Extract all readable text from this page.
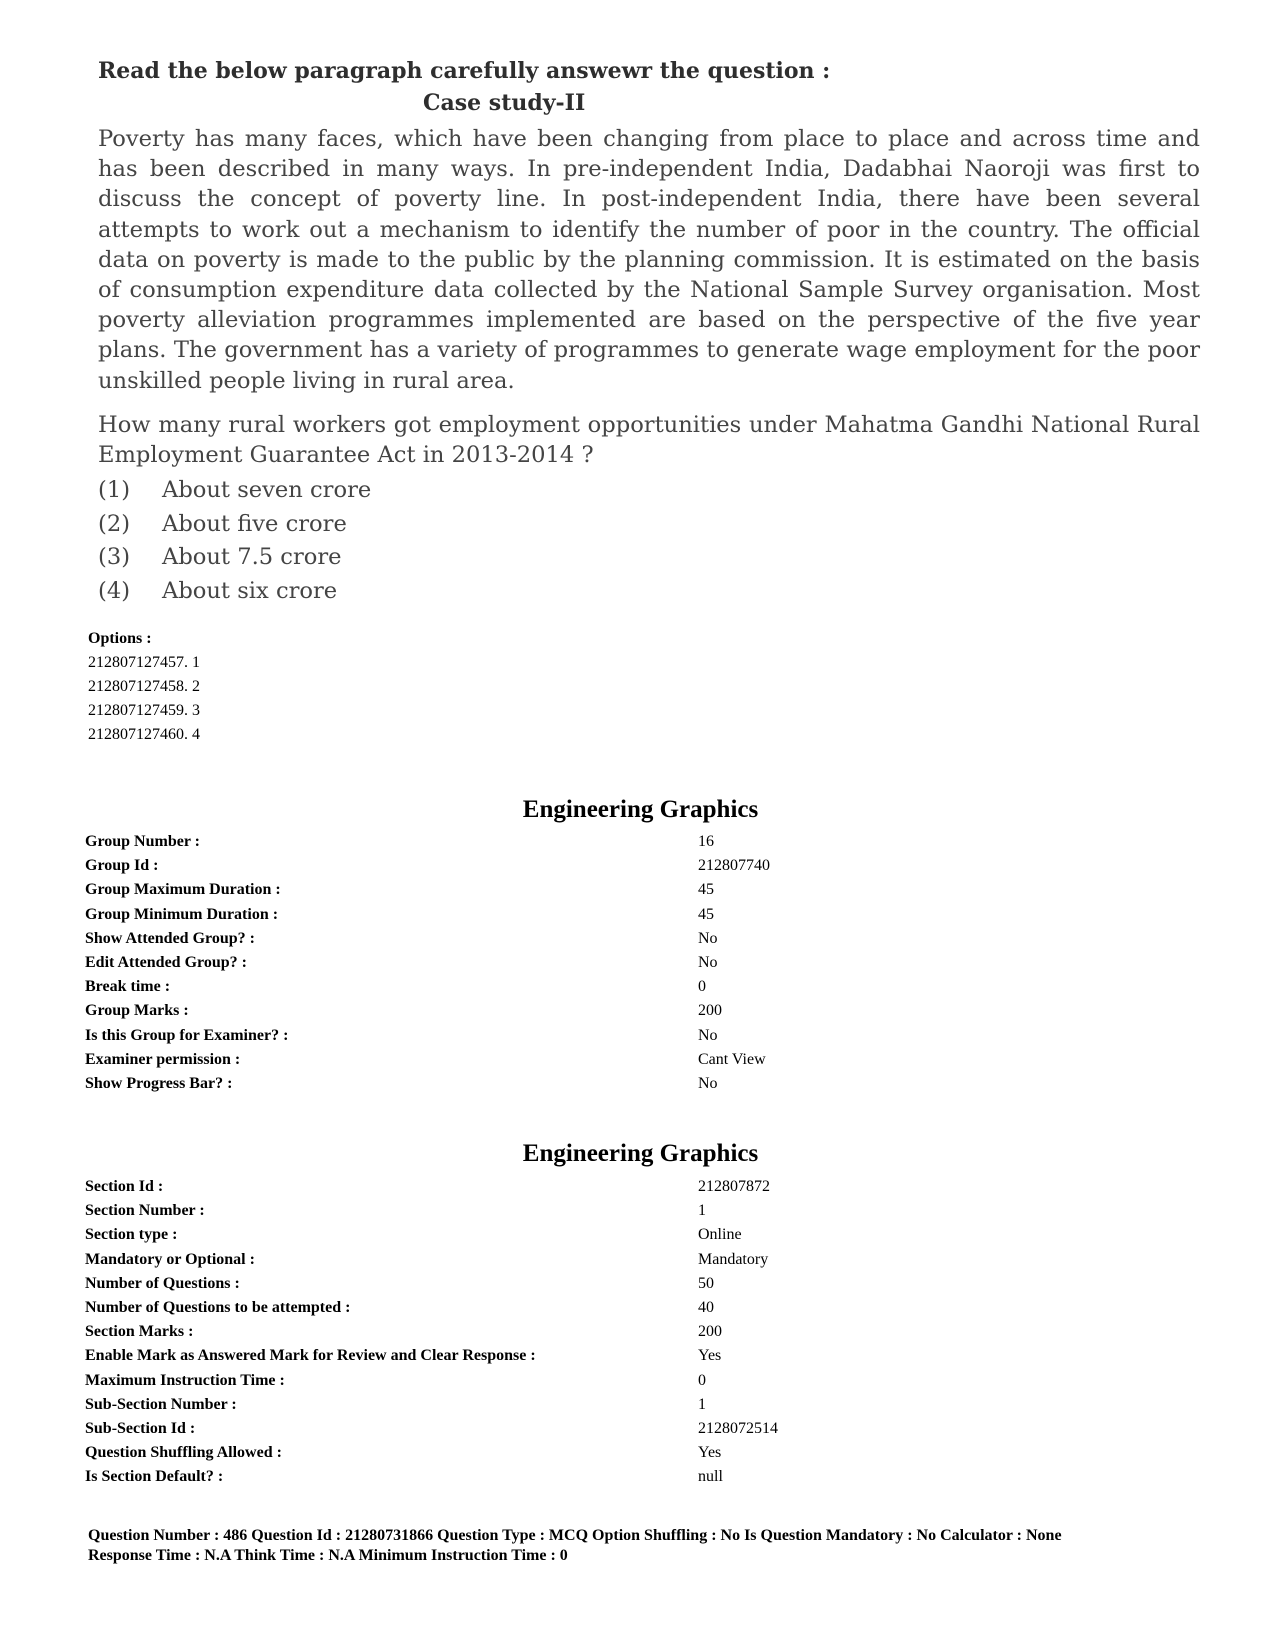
Read the below paragraph carefully answewr the question :
Case study-II
Poverty has many faces, which have been changing from place to place and across time and has been described in many ways. In pre-independent India, Dadabhai Naoroji was first to discuss the concept of poverty line. In post-independent India, there have been several attempts to work out a mechanism to identify the number of poor in the country. The official data on poverty is made to the public by the planning commission. It is estimated on the basis of consumption expenditure data collected by the National Sample Survey organisation. Most poverty alleviation programmes implemented are based on the perspective of the five year plans. The government has a variety of programmes to generate wage employment for the poor unskilled people living in rural area.
How many rural workers got employment opportunities under Mahatma Gandhi National Rural Employment Guarantee Act in 2013-2014 ?
(1)	About seven crore
(2)	About five crore
(3)	About 7.5 crore
(4)	About six crore
Options :
212807127457. 1
212807127458. 2
212807127459. 3
212807127460. 4
Engineering Graphics
Group Number :	16
Group Id :	212807740
Group Maximum Duration :	45
Group Minimum Duration :	45
Show Attended Group? :	No
Edit Attended Group? :	No
Break time :	0
Group Marks :	200
Is this Group for Examiner? :	No
Examiner permission :	Cant View
Show Progress Bar? :	No
Engineering Graphics
Section Id :	212807872
Section Number :	1
Section type :	Online
Mandatory or Optional :	Mandatory
Number of Questions :	50
Number of Questions to be attempted :	40
Section Marks :	200
Enable Mark as Answered Mark for Review and Clear Response :	Yes
Maximum Instruction Time :	0
Sub-Section Number :	1
Sub-Section Id :	2128072514
Question Shuffling Allowed :	Yes
Is Section Default? :	null
Question Number : 486 Question Id : 21280731866 Question Type : MCQ Option Shuffling : No Is Question Mandatory : No Calculator : None
Response Time : N.A Think Time : N.A Minimum Instruction Time : 0
